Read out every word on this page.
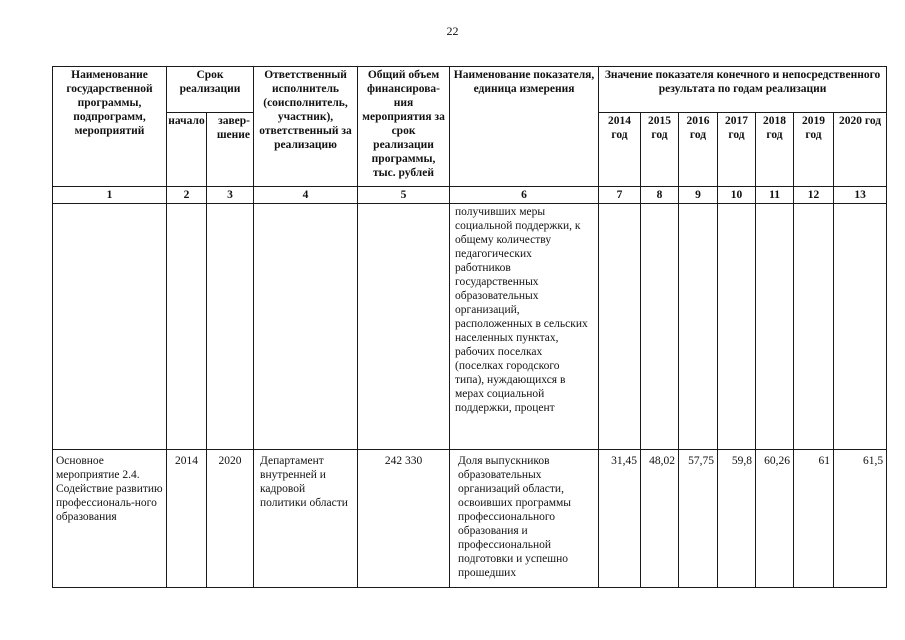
22
Наименование государственной программы, подпрограмм, мероприятий	Срок реализации		Ответственный исполнитель (соисполнитель, участник), ответственный за реализацию	Общий объем финансирова-ния мероприятия за срок реализации программы, тыс. рублей	Наименование показателя, единица измерения	Значение показателя конечного и непосредственного результата по годам реализации						
	начало	завер-шение				2014 год	2015 год	2016 год	2017 год	2018 год	2019 год	2020 год
1	2	3	4	5	6	7	8	9	10	11	12	13
					получивших меры социальной поддержки, к общему количеству педагогических работников государственных образовательных организаций, расположенных в сельских населенных пунктах, рабочих поселках (поселках городского типа), нуждающихся в мерах социальной поддержки, процент							
Основное мероприятие 2.4. Содействие развитию профессиональ-ного образования	2014	2020	Департамент внутренней и кадровой политики области	242 330	Доля выпускников образовательных организаций области, освоивших программы профессионального образования и профессиональной подготовки и успешно прошедших	31,45	48,02	57,75	59,8	60,26	61	61,5
